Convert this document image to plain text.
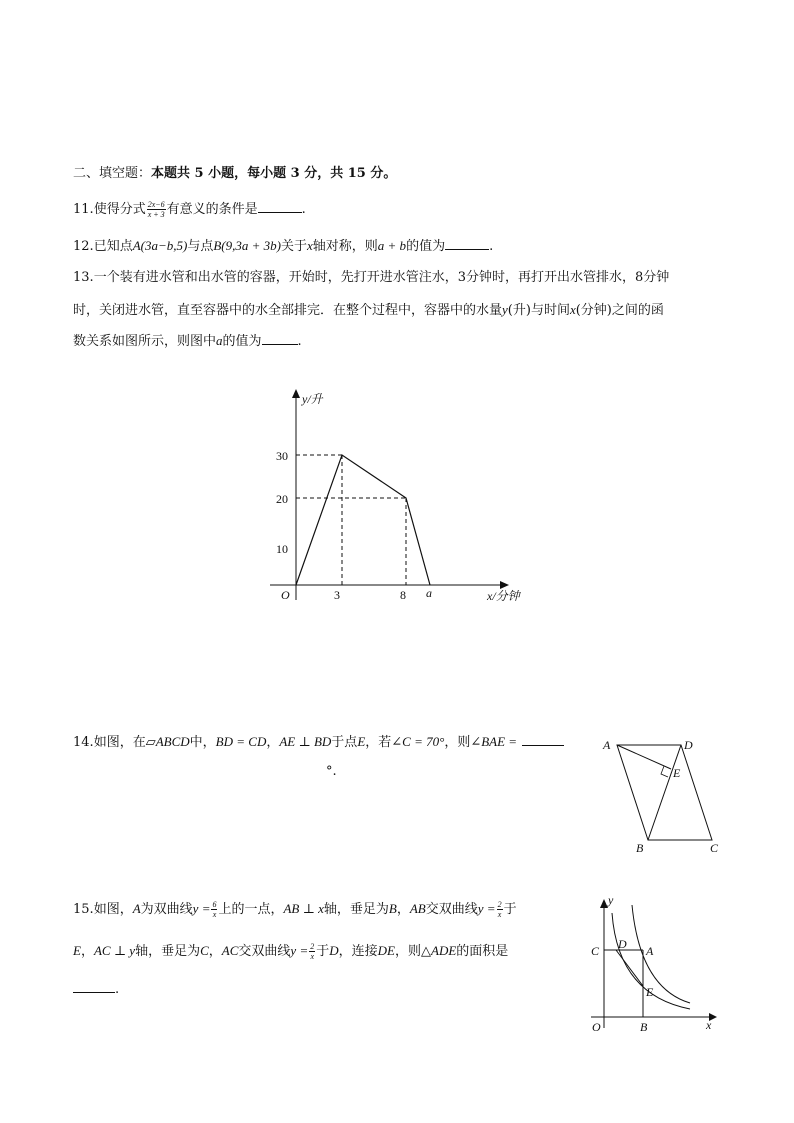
二、填空题：本题共 5 小题，每小题 3 分，共 15 分。
11.使得分式 $\frac{2x-6}{x + 3}$ 有意义的条件是	.
12.已知点A(3a−b,5)与点B(9,3a + 3b)关于x轴对称，则a + b的值为	.
13.一个装有进水管和出水管的容器，开始时，先打开进水管注水，3分钟时，再打开出水管排水，8分钟
时，关闭进水管，直至容器中的水全部排完．在整个过程中，容器中的水量y(升)与时间x(分钟)之间的函
数关系如图所示，则图中a的值为	.
y/升
x/分钟
O
30
20
10
3	8 a
14.如图，在▱ABCD中，BD = CD，AE ⊥ BD于点E，若∠C = 70°，则∠BAE =
°.
A	D
E
B	C
15.如图，A为双曲线$y = \frac{6}{x}$ 上的一点，AB ⊥ x轴，垂足为B，AB交双曲线$y = \frac{2}{x}$ 于
E，AC ⊥ y轴，垂足为C，AC交双曲线$y = \frac{2}{x}$ 于D，连接DE，则△ADE的面积是
.
y
x
O
C D A
E
B
